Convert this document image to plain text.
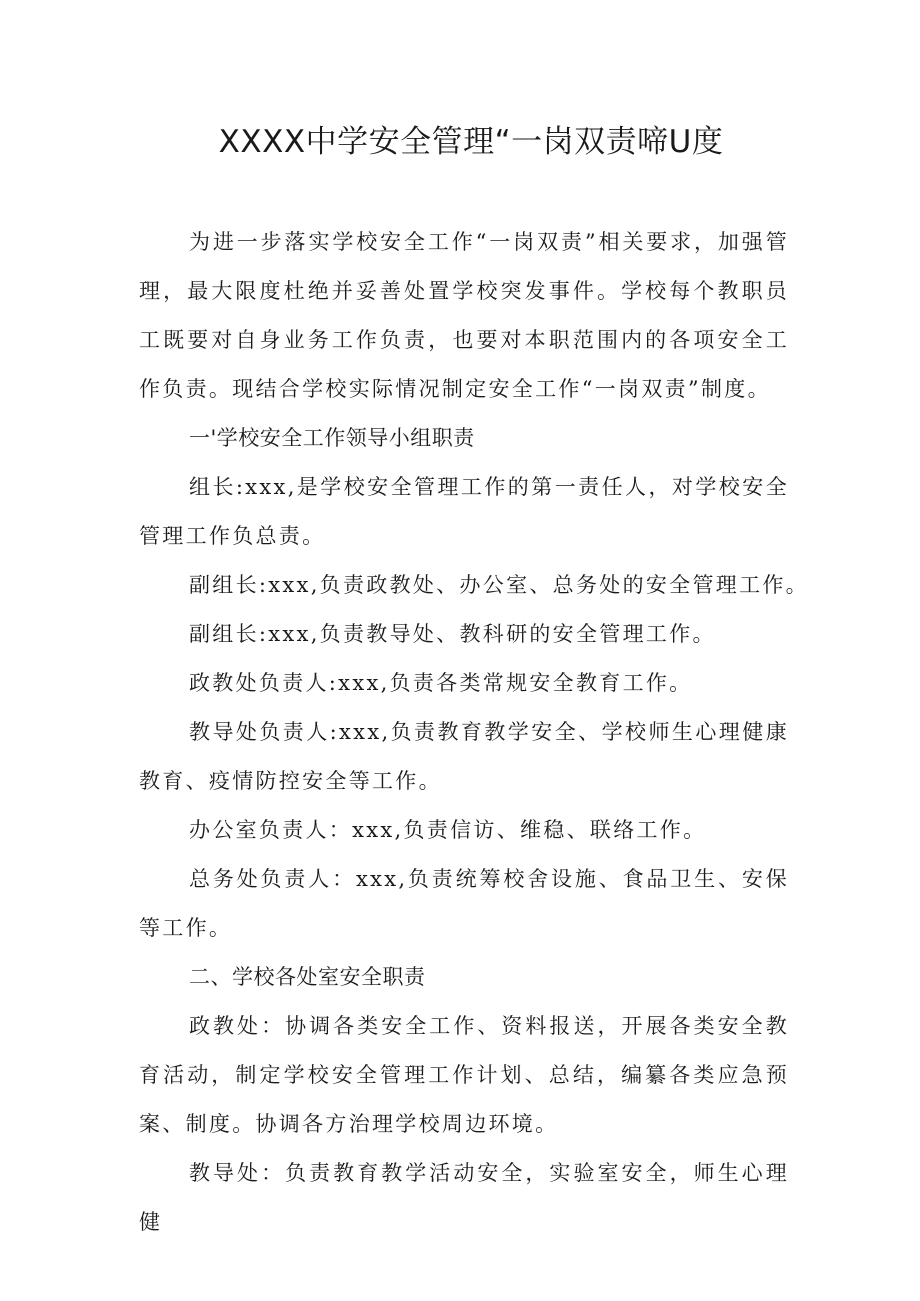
XXXX中学安全管理“一岗双责啼U度

为进一步落实学校安全工作“一岗双责”相关要求，加强管理，最大限度杜绝并妥善处置学校突发事件。学校每个教职员工既要对自身业务工作负责，也要对本职范围内的各项安全工作负责。现结合学校实际情况制定安全工作“一岗双责”制度。

一'学校安全工作领导小组职责

组长:xxx,是学校安全管理工作的第一责任人，对学校安全管理工作负总责。

副组长:xxx,负责政教处、办公室、总务处的安全管理工作。

副组长:xxx,负责教导处、教科研的安全管理工作。

政教处负责人:xxx,负责各类常规安全教育工作。

教导处负责人:xxx,负责教育教学安全、学校师生心理健康教育、疫情防控安全等工作。

办公室负责人：xxx,负责信访、维稳、联络工作。

总务处负责人：xxx,负责统筹校舍设施、食品卫生、安保等工作。

二、学校各处室安全职责

政教处：协调各类安全工作、资料报送，开展各类安全教育活动，制定学校安全管理工作计划、总结，编纂各类应急预案、制度。协调各方治理学校周边环境。

教导处：负责教育教学活动安全，实验室安全，师生心理健
